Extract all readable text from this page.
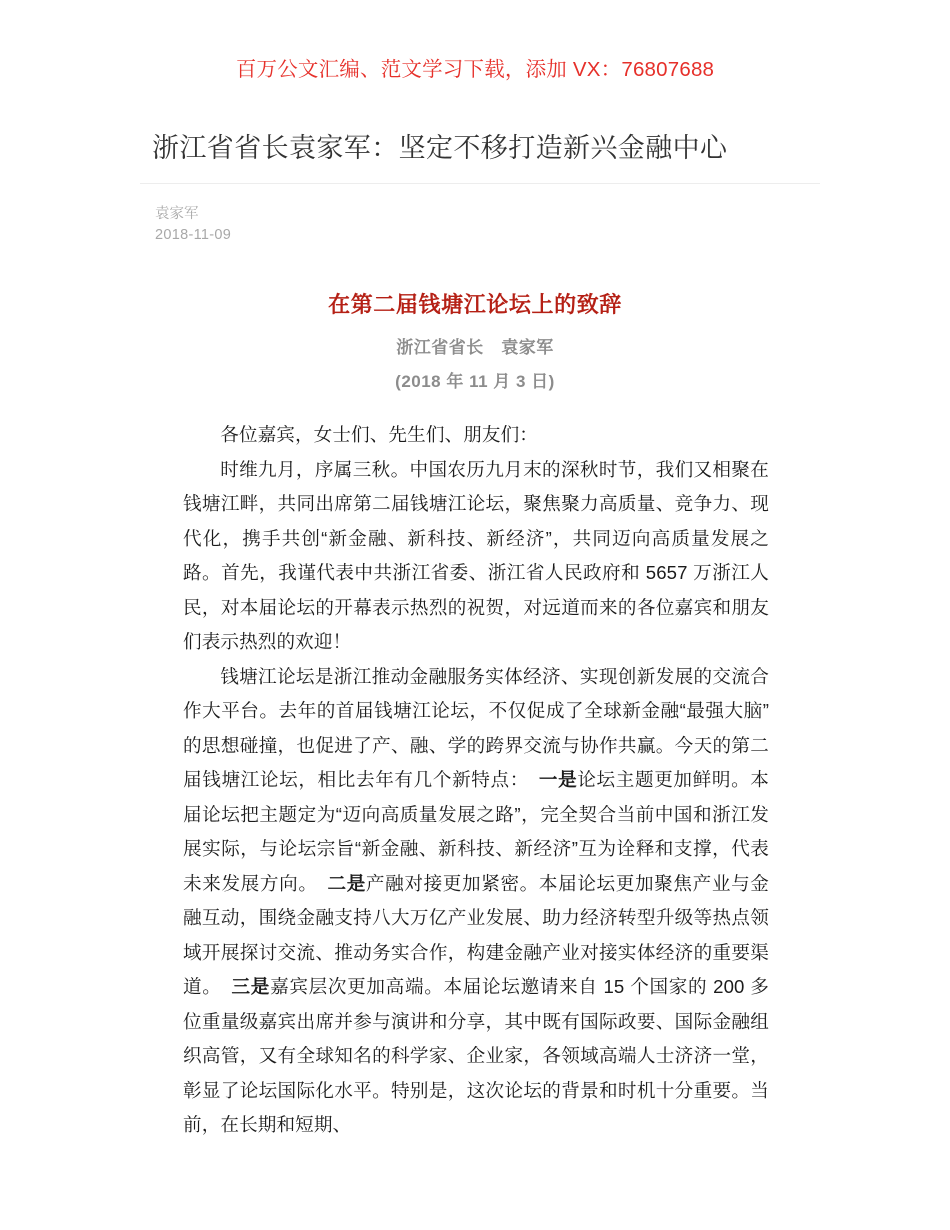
百万公文汇编、范文学习下载，添加 VX：76807688
浙江省省长袁家军：坚定不移打造新兴金融中心
袁家军
2018-11-09
在第二届钱塘江论坛上的致辞
浙江省省长　袁家军
(2018 年 11 月 3 日)

各位嘉宾，女士们、先生们、朋友们：

时维九月，序属三秋。中国农历九月末的深秋时节，我们又相聚在钱塘江畔，共同出席第二届钱塘江论坛，聚焦聚力高质量、竞争力、现代化，携手共创“新金融、新科技、新经济”，共同迈向高质量发展之路。首先，我谨代表中共浙江省委、浙江省人民政府和 5657 万浙江人民，对本届论坛的开幕表示热烈的祝贺，对远道而来的各位嘉宾和朋友们表示热烈的欢迎！

钱塘江论坛是浙江推动金融服务实体经济、实现创新发展的交流合作大平台。去年的首届钱塘江论坛，不仅促成了全球新金融“最强大脑”的思想碰撞，也促进了产、融、学的跨界交流与协作共赢。今天的第二届钱塘江论坛，相比去年有几个新特点：　一是论坛主题更加鲜明。本届论坛把主题定为“迈向高质量发展之路”，完全契合当前中国和浙江发展实际，与论坛宗旨“新金融、新科技、新经济”互为诠释和支撑，代表未来发展方向。　二是产融对接更加紧密。本届论坛更加聚焦产业与金融互动，围绕金融支持八大万亿产业发展、助力经济转型升级等热点领域开展探讨交流、推动务实合作，构建金融产业对接实体经济的重要渠道。　三是嘉宾层次更加高端。本届论坛邀请来自 15 个国家的 200 多位重量级嘉宾出席并参与演讲和分享，其中既有国际政要、国际金融组织高管，又有全球知名的科学家、企业家，各领域高端人士济济一堂，彰显了论坛国际化水平。特别是，这次论坛的背景和时机十分重要。当前，在长期和短期、
